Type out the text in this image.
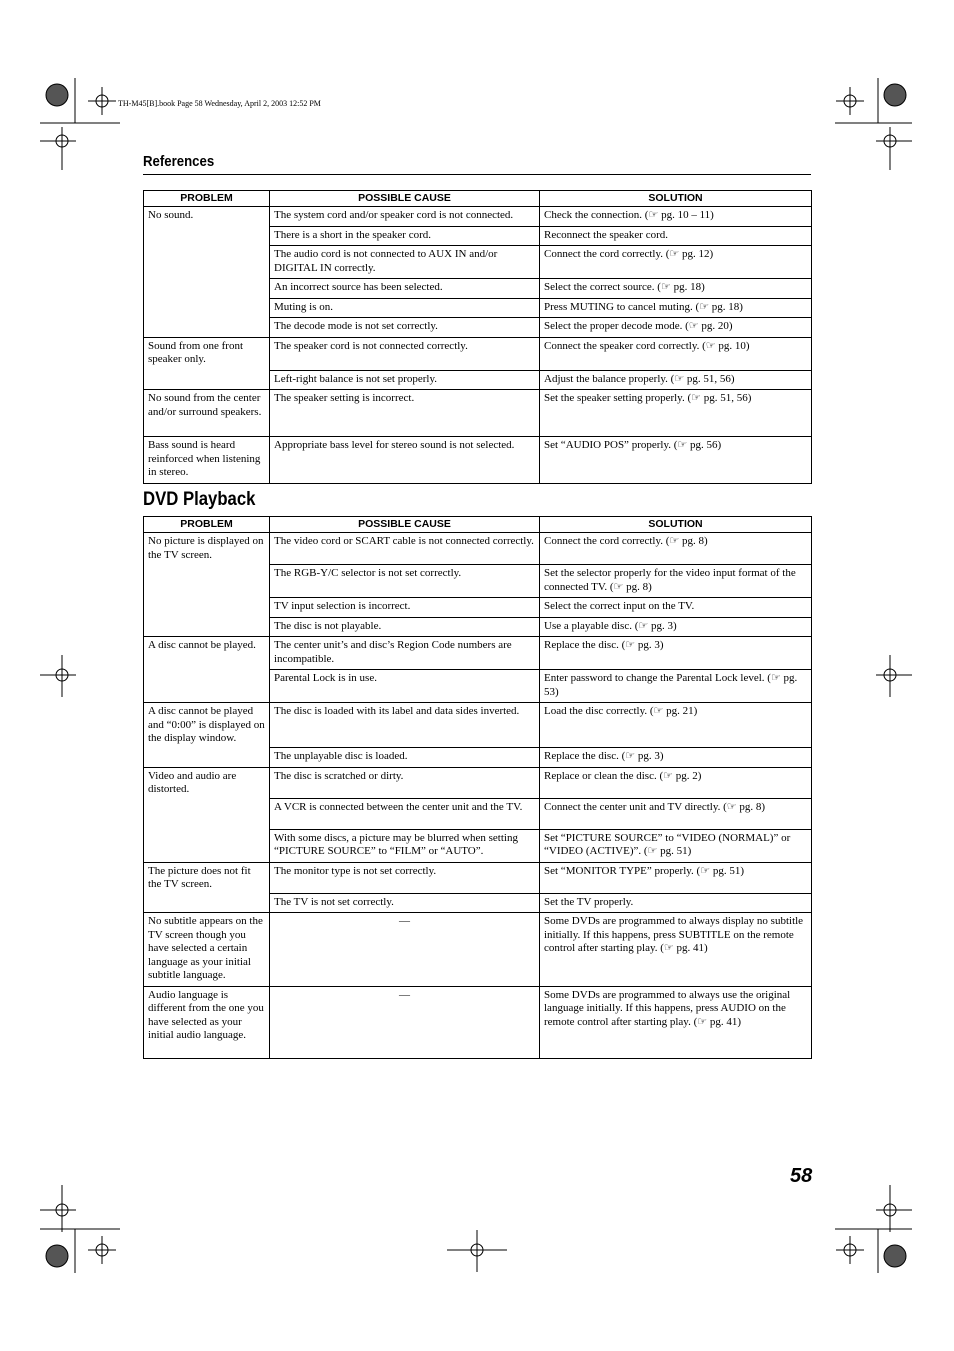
TH-M45[B].book Page 58 Wednesday, April 2, 2003 12:52 PM
References
PROBLEM	POSSIBLE CAUSE	SOLUTION
No sound.	The system cord and/or speaker cord is not connected.	Check the connection. (☞ pg. 10 – 11)
	There is a short in the speaker cord.	Reconnect the speaker cord.
	The audio cord is not connected to AUX IN and/or DIGITAL IN correctly.	Connect the cord correctly. (☞ pg. 12)
	An incorrect source has been selected.	Select the correct source. (☞ pg. 18)
	Muting is on.	Press MUTING to cancel muting. (☞ pg. 18)
	The decode mode is not set correctly.	Select the proper decode mode. (☞ pg. 20)
Sound from one front speaker only.	The speaker cord is not connected correctly.	Connect the speaker cord correctly. (☞ pg. 10)
	Left-right balance is not set properly.	Adjust the balance properly. (☞ pg. 51, 56)
No sound from the center and/or surround speakers.	The speaker setting is incorrect.	Set the speaker setting properly. (☞ pg. 51, 56)
Bass sound is heard reinforced when listening in stereo.	Appropriate bass level for stereo sound is not selected.	Set “AUDIO POS” properly. (☞ pg. 56)
DVD Playback
PROBLEM	POSSIBLE CAUSE	SOLUTION
No picture is displayed on the TV screen.	The video cord or SCART cable is not connected correctly.	Connect the cord correctly. (☞ pg. 8)
	The RGB-Y/C selector is not set correctly.	Set the selector properly for the video input format of the connected TV. (☞ pg. 8)
	TV input selection is incorrect.	Select the correct input on the TV.
	The disc is not playable.	Use a playable disc. (☞ pg. 3)
A disc cannot be played.	The center unit’s and disc’s Region Code numbers are incompatible.	Replace the disc. (☞ pg. 3)
	Parental Lock is in use.	Enter password to change the Parental Lock level. (☞ pg. 53)
A disc cannot be played and “0:00” is displayed on the display window.	The disc is loaded with its label and data sides inverted.	Load the disc correctly. (☞ pg. 21)
	The unplayable disc is loaded.	Replace the disc. (☞ pg. 3)
Video and audio are distorted.	The disc is scratched or dirty.	Replace or clean the disc. (☞ pg. 2)
	A VCR is connected between the center unit and the TV.	Connect the center unit and TV directly. (☞ pg. 8)
	With some discs, a picture may be blurred when setting “PICTURE SOURCE” to “FILM” or “AUTO”.	Set “PICTURE SOURCE” to “VIDEO (NORMAL)” or “VIDEO (ACTIVE)”. (☞ pg. 51)
The picture does not fit the TV screen.	The monitor type is not set correctly.	Set “MONITOR TYPE” properly. (☞ pg. 51)
	The TV is not set correctly.	Set the TV properly.
No subtitle appears on the TV screen though you have selected a certain language as your initial subtitle language.	—	Some DVDs are programmed to always display no subtitle initially. If this happens, press SUBTITLE on the remote control after starting play. (☞ pg. 41)
Audio language is different from the one you have selected as your initial audio language.	—	Some DVDs are programmed to always use the original language initially. If this happens, press AUDIO on the remote control after starting play. (☞ pg. 41)
58
